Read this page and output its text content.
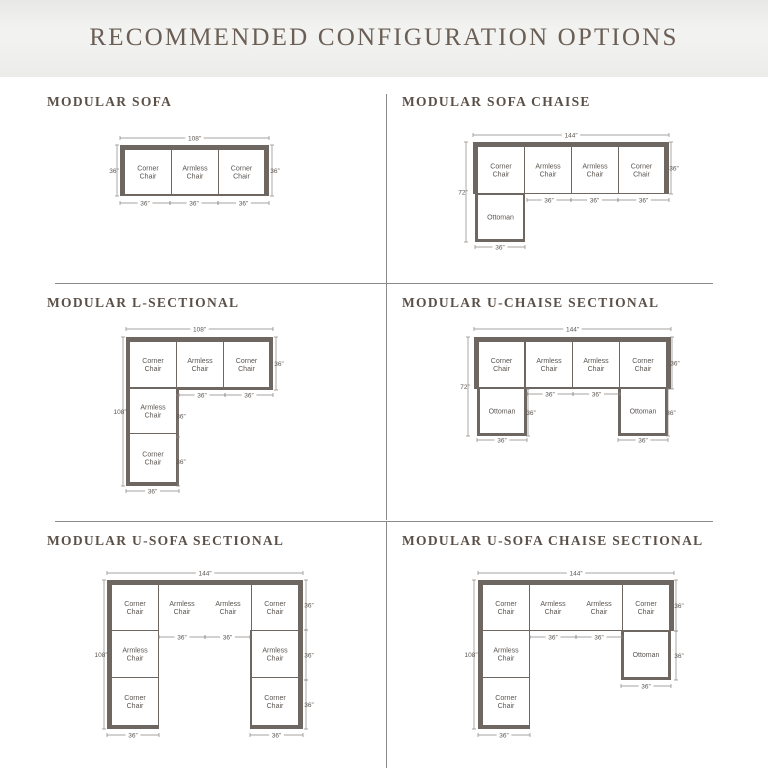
RECOMMENDED CONFIGURATION OPTIONS
MODULAR SOFA	MODULAR SOFA CHAISE
MODULAR L-SECTIONAL	MODULAR U-CHAISE SECTIONAL
MODULAR U-SOFA SECTIONAL	MODULAR U-SOFA CHAISE SECTIONAL
Corner
Chair
Armless
Chair
Corner
Chair
108”
36”	36”	36”
36”	36”
Corner
Chair
Armless
Chair
Armless
Chair
Corner
Chair
Ottoman
144”
36”	36”	36”
36”
72”
36”
Corner
Chair
Armless
Chair
Corner
Chair
Armless
Chair
Corner
Chair
108”
36”	36”
36”
108”
36”
36”
36”
Corner
Chair
Armless
Chair
Armless
Chair
Corner
Chair
Ottoman	Ottoman
144”
36”	36”
36”	36”
72”
36”
36”	36”
Corner
Chair
Armless
Chair
Armless
Chair
Corner
Chair
Armless
Chair
Corner
Chair
Armless
Chair
Corner
Chair
144”
36”	36”
36”	36”
108”
36”
36”
36”
Corner
Chair
Armless
Chair
Armless
Chair
Corner
Chair
Armless
Chair
Corner
Chair
Ottoman
144”
36”	36”
36”
36”
108”
36”
36”
